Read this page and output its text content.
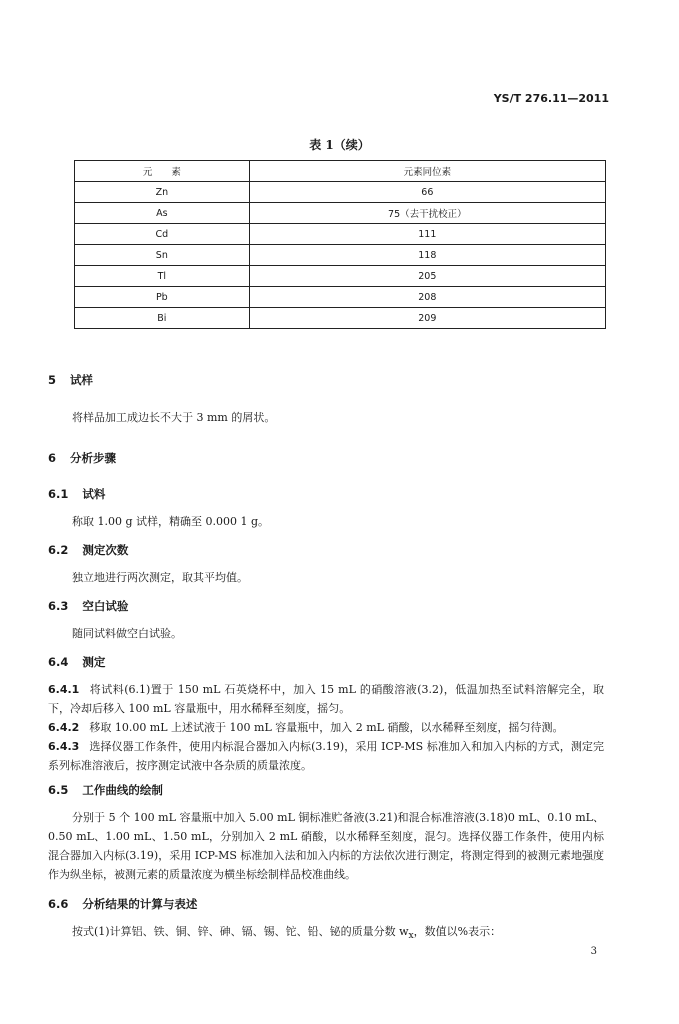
YS/T 276.11—2011
表 1（续）
元　　素	元素同位素
Zn	66
As	75（去干扰校正）
Cd	111
Sn	118
Tl	205
Pb	208
Bi	209
5 试样
将样品加工成边长不大于 3 mm 的屑状。
6 分析步骤
6.1 试料
称取 1.00 g 试样，精确至 0.000 1 g。
6.2 测定次数
独立地进行两次测定，取其平均值。
6.3 空白试验
随同试料做空白试验。
6.4 测定
6.4.1 将试料(6.1)置于 150 mL 石英烧杯中，加入 15 mL 的硝酸溶液(3.2)，低温加热至试料溶解完全，取下，冷却后移入 100 mL 容量瓶中，用水稀释至刻度，摇匀。
6.4.2 移取 10.00 mL 上述试液于 100 mL 容量瓶中，加入 2 mL 硝酸，以水稀释至刻度，摇匀待测。
6.4.3 选择仪器工作条件，使用内标混合器加入内标(3.19)，采用 ICP-MS 标准加入和加入内标的方式，测定完系列标准溶液后，按序测定试液中各杂质的质量浓度。
6.5 工作曲线的绘制
分别于 5 个 100 mL 容量瓶中加入 5.00 mL 铜标准贮备液(3.21)和混合标准溶液(3.18)0 mL、0.10 mL、0.50 mL、1.00 mL、1.50 mL，分别加入 2 mL 硝酸，以水稀释至刻度，混匀。选择仪器工作条件，使用内标混合器加入内标(3.19)，采用 ICP-MS 标准加入法和加入内标的方法依次进行测定，将测定得到的被测元素地强度作为纵坐标，被测元素的质量浓度为横坐标绘制样品校准曲线。
6.6 分析结果的计算与表述
按式(1)计算铝、铁、铜、锌、砷、镉、锡、铊、铅、铋的质量分数 $w_x$，数值以%表示：
3
